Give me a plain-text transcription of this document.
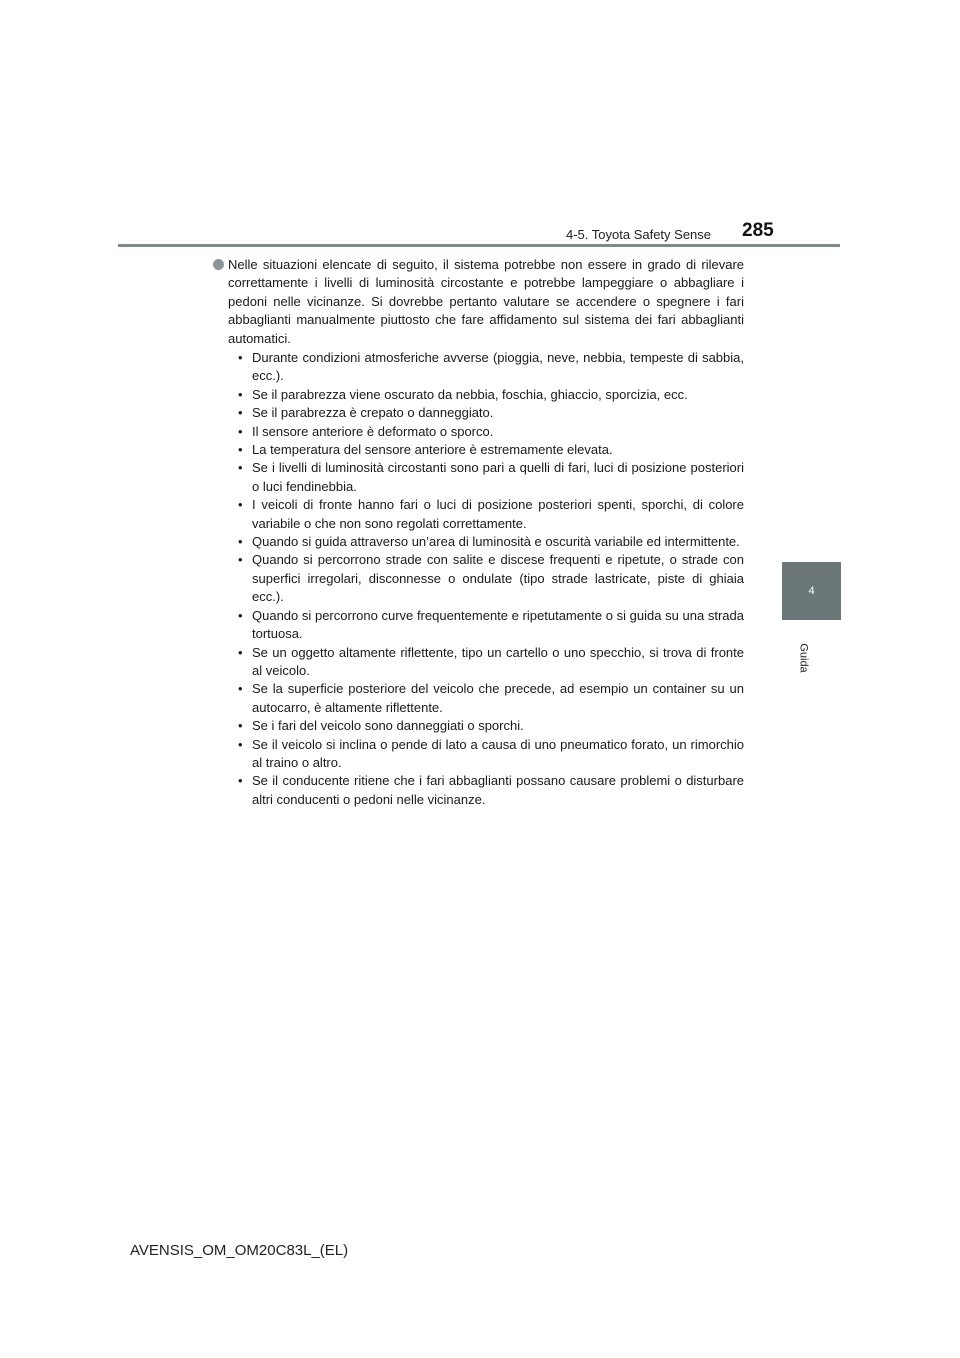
4-5. Toyota Safety Sense 285
4
Guida
Nelle situazioni elencate di seguito, il sistema potrebbe non essere in grado di rilevare correttamente i livelli di luminosità circostante e potrebbe lampeggiare o abbagliare i pedoni nelle vicinanze. Si dovrebbe pertanto valutare se accendere o spegnere i fari abbaglianti manualmente piuttosto che fare affidamento sul sistema dei fari abbaglianti automatici.
• Durante condizioni atmosferiche avverse (pioggia, neve, nebbia, tempeste di sabbia, ecc.).
• Se il parabrezza viene oscurato da nebbia, foschia, ghiaccio, sporcizia, ecc.
• Se il parabrezza è crepato o danneggiato.
• Il sensore anteriore è deformato o sporco.
• La temperatura del sensore anteriore è estremamente elevata.
• Se i livelli di luminosità circostanti sono pari a quelli di fari, luci di posizione posteriori o luci fendinebbia.
• I veicoli di fronte hanno fari o luci di posizione posteriori spenti, sporchi, di colore variabile o che non sono regolati correttamente.
• Quando si guida attraverso un’area di luminosità e oscurità variabile ed intermittente.
• Quando si percorrono strade con salite e discese frequenti e ripetute, o strade con superfici irregolari, disconnesse o ondulate (tipo strade lastricate, piste di ghiaia ecc.).
• Quando si percorrono curve frequentemente e ripetutamente o si guida su una strada tortuosa.
• Se un oggetto altamente riflettente, tipo un cartello o uno specchio, si trova di fronte al veicolo.
• Se la superficie posteriore del veicolo che precede, ad esempio un container su un autocarro, è altamente riflettente.
• Se i fari del veicolo sono danneggiati o sporchi.
• Se il veicolo si inclina o pende di lato a causa di uno pneumatico forato, un rimorchio al traino o altro.
• Se il conducente ritiene che i fari abbaglianti possano causare problemi o disturbare altri conducenti o pedoni nelle vicinanze.
AVENSIS_OM_OM20C83L_(EL)
